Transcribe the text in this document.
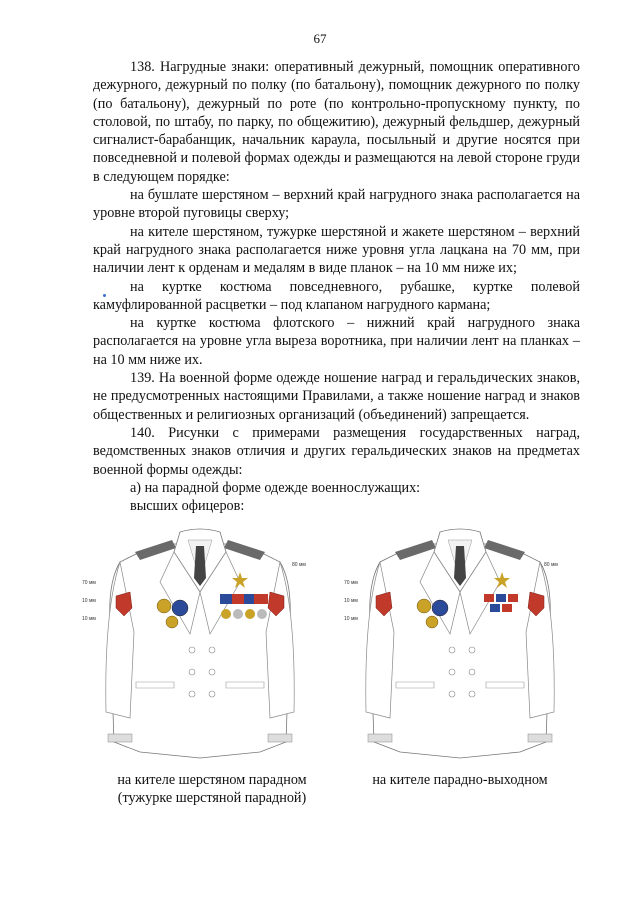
67

138. Нагрудные знаки: оперативный дежурный, помощник оперативного дежурного, дежурный по полку (по батальону), помощник дежурного по полку (по батальону), дежурный по роте (по контрольно-пропускному пункту, по столовой, по штабу, по парку, по общежитию), дежурный фельдшер, дежурный сигналист-барабанщик, начальник караула, посыльный и другие носятся при повседневной и полевой формах одежды и размещаются на левой стороне груди в следующем порядке:

на бушлате шерстяном – верхний край нагрудного знака располагается на уровне второй пуговицы сверху;

на кителе шерстяном, тужурке шерстяной и жакете шерстяном – верхний край нагрудного знака располагается ниже уровня угла лацкана на 70 мм, при наличии лент к орденам и медалям в виде планок – на 10 мм ниже их;

на куртке костюма повседневного, рубашке, куртке полевой камуфлированной расцветки – под клапаном нагрудного кармана;

на куртке костюма флотского – нижний край нагрудного знака располагается на уровне угла выреза воротника, при наличии лент на планках – на 10 мм ниже их.

139. На военной форме одежде ношение наград и геральдических знаков, не предусмотренных настоящими Правилами, а также ношение наград и знаков общественных и религиозных организаций (объединений) запрещается.

140. Рисунки с примерами размещения государственных наград, ведомственных знаков отличия и других геральдических знаков на предметах военной формы одежды:

а) на парадной форме одежде военнослужащих:

высших офицеров:

80 мм
70 мм
10 мм
10 мм
80 мм
70 мм
10 мм
10 мм
на кителе шерстяном парадном (тужурке шерстяной парадной)
на кителе парадно-выходном
